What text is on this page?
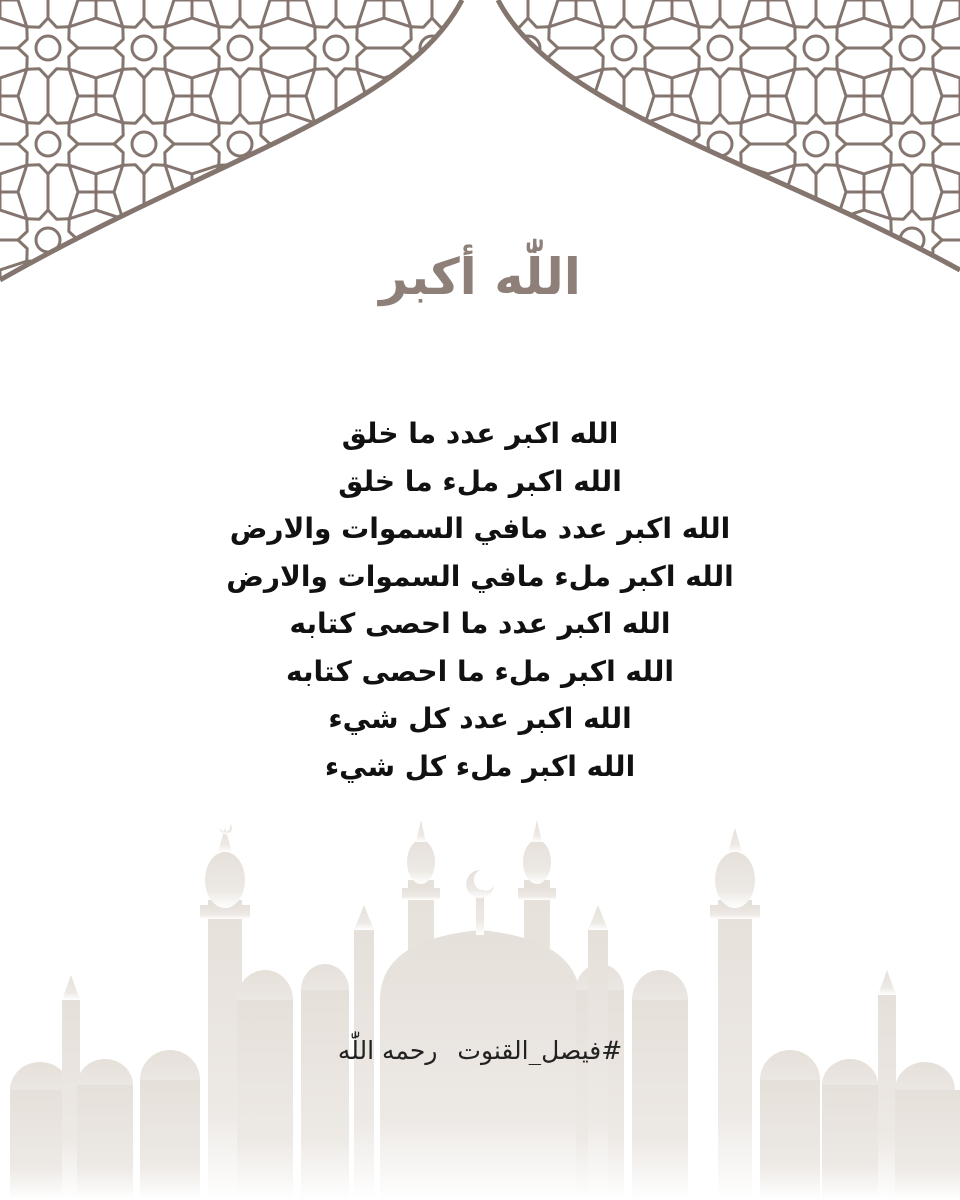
اللّٰه أكبر
الله اكبر عدد ما خلق
الله اكبر ملء ما خلق
الله اكبر عدد مافي السموات والارض
الله اكبر ملء مافي السموات والارض
الله اكبر عدد ما احصى كتابه
الله اكبر ملء ما احصى كتابه
الله اكبر عدد كل شيء
الله اكبر ملء كل شيء
#فيصل_القنوترحمه اللّٰه
